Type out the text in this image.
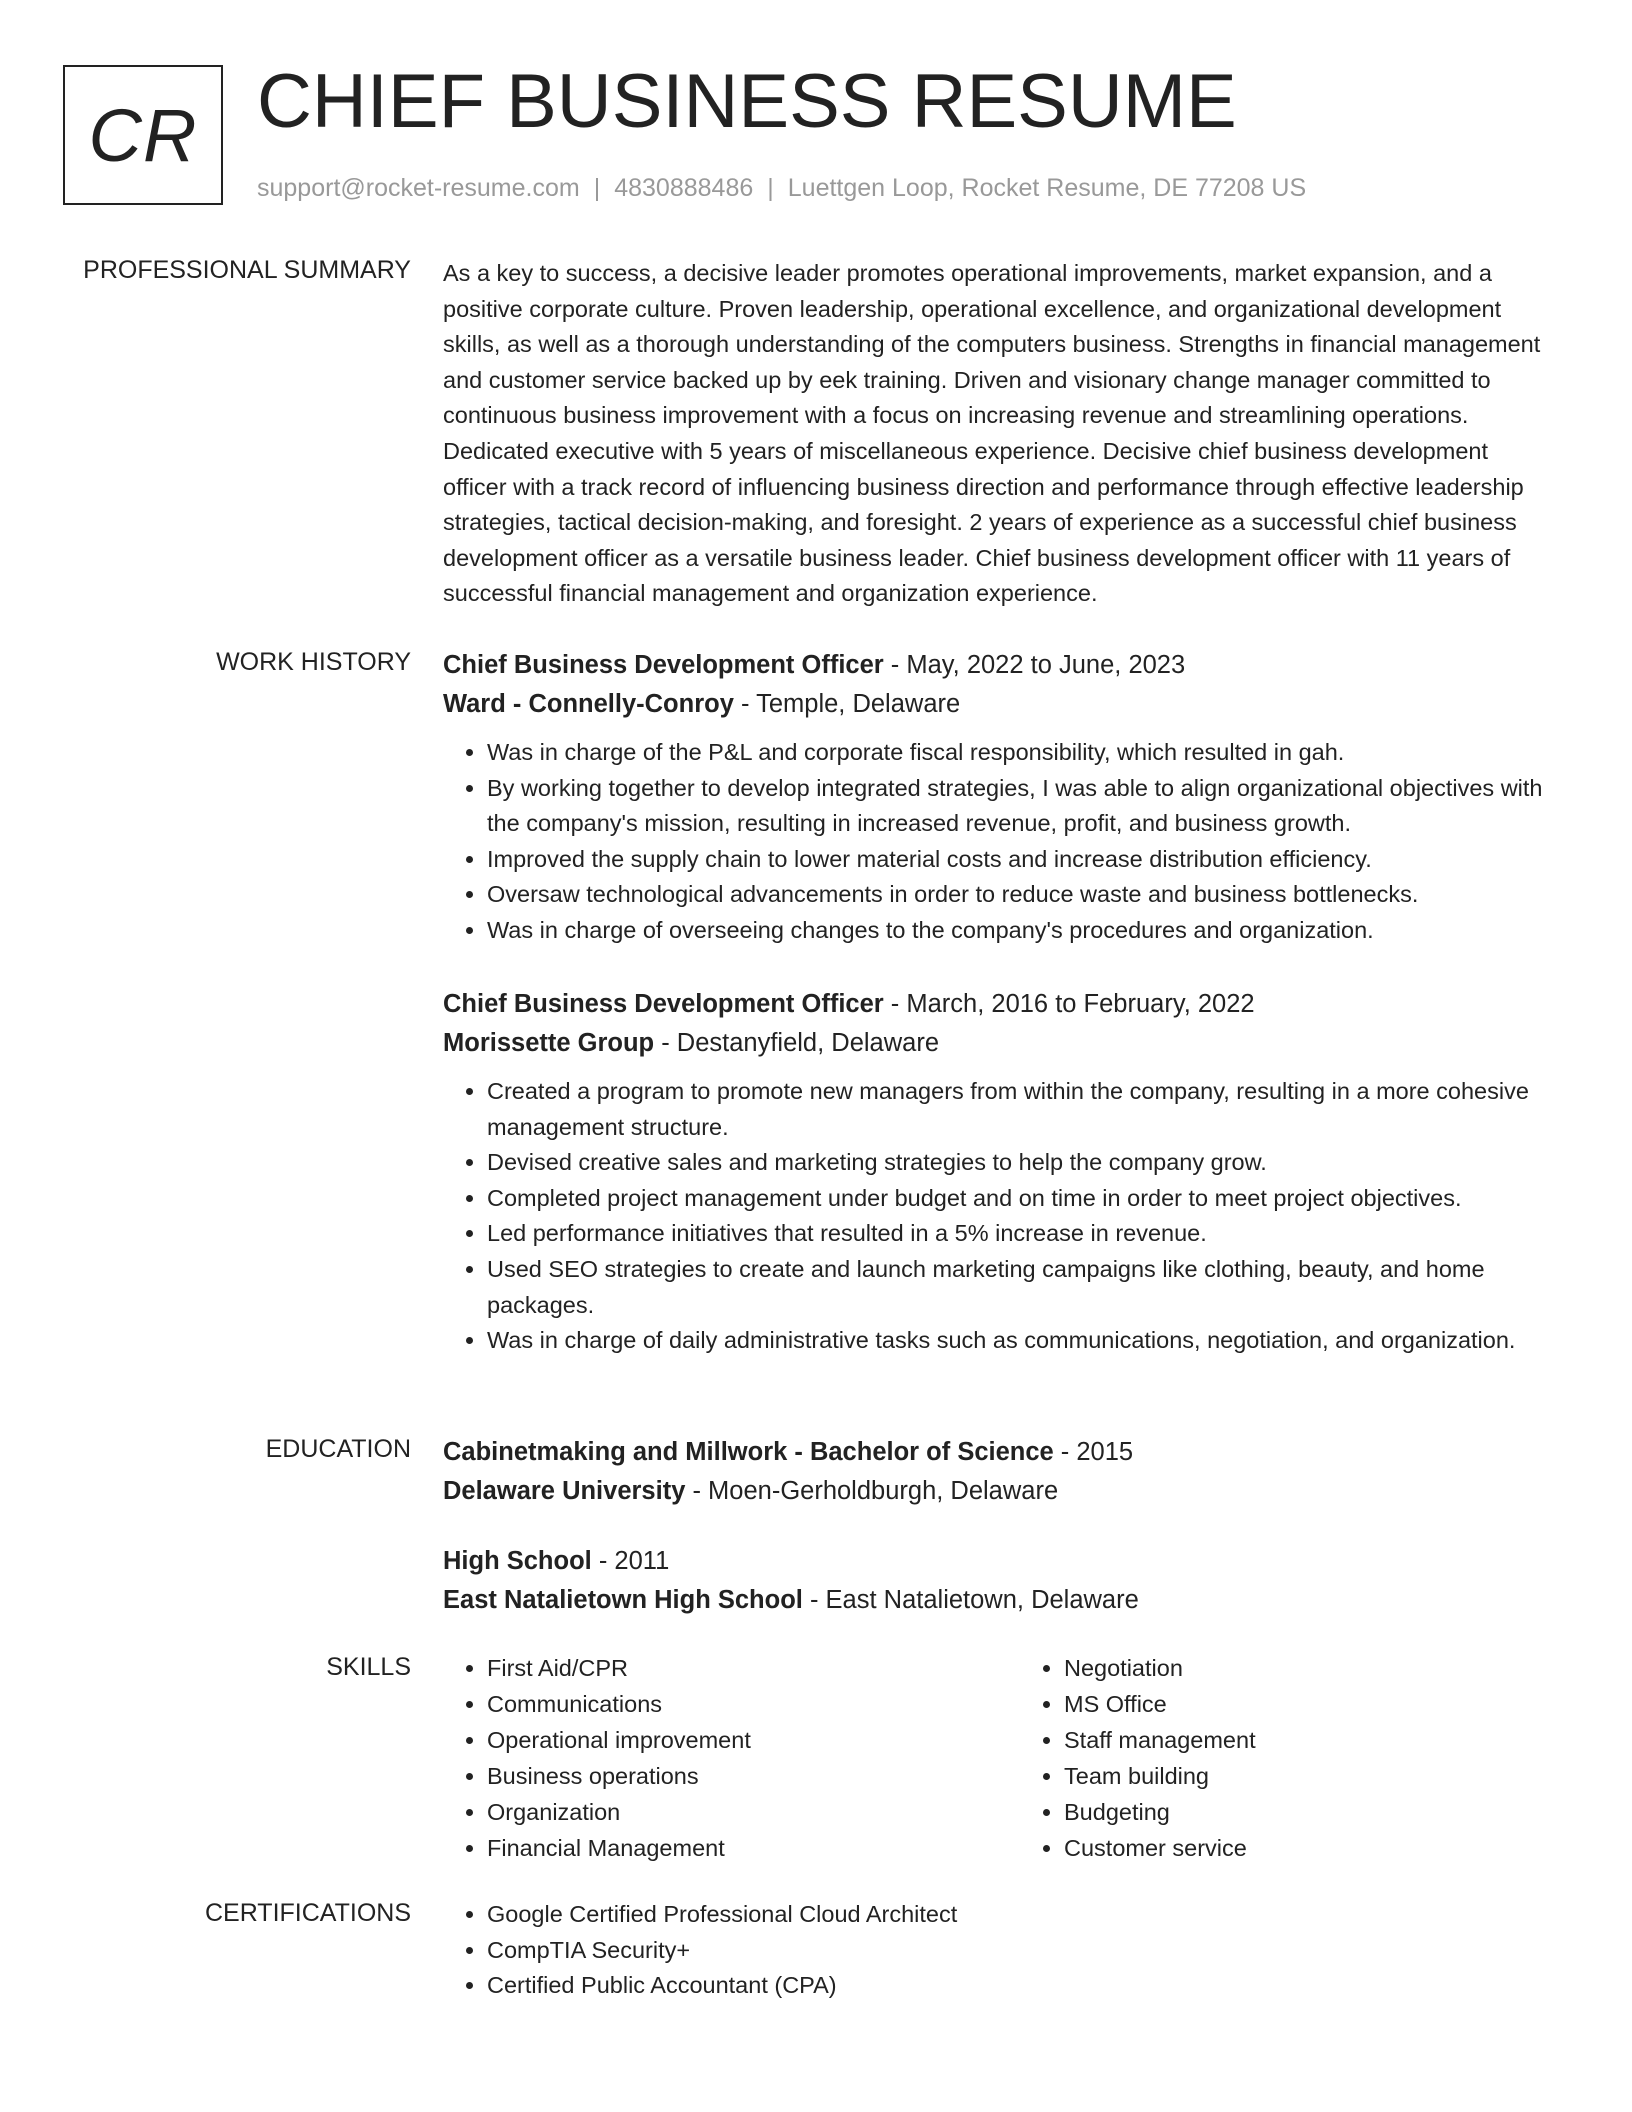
CR CHIEF BUSINESS RESUME
support@rocket-resume.com | 4830888486 | Luettgen Loop, Rocket Resume, DE 77208 US
PROFESSIONAL SUMMARY As a key to success, a decisive leader promotes operational improvements, market expansion, and a positive corporate culture. Proven leadership, operational excellence, and organizational development skills, as well as a thorough understanding of the computers business. Strengths in financial management and customer service backed up by eek training. Driven and visionary change manager committed to continuous business improvement with a focus on increasing revenue and streamlining operations. Dedicated executive with 5 years of miscellaneous experience. Decisive chief business development officer with a track record of influencing business direction and performance through effective leadership strategies, tactical decision-making, and foresight. 2 years of experience as a successful chief business development officer as a versatile business leader. Chief business development officer with 11 years of successful financial management and organization experience.
WORK HISTORY Chief Business Development Officer - May, 2022 to June, 2023
Ward - Connelly-Conroy - Temple, Delaware
• Was in charge of the P&L and corporate fiscal responsibility, which resulted in gah.
• By working together to develop integrated strategies, I was able to align organizational objectives with the company's mission, resulting in increased revenue, profit, and business growth.
• Improved the supply chain to lower material costs and increase distribution efficiency.
• Oversaw technological advancements in order to reduce waste and business bottlenecks.
• Was in charge of overseeing changes to the company's procedures and organization.
Chief Business Development Officer - March, 2016 to February, 2022
Morissette Group - Destanyfield, Delaware
• Created a program to promote new managers from within the company, resulting in a more cohesive management structure.
• Devised creative sales and marketing strategies to help the company grow.
• Completed project management under budget and on time in order to meet project objectives.
• Led performance initiatives that resulted in a 5% increase in revenue.
• Used SEO strategies to create and launch marketing campaigns like clothing, beauty, and home packages.
• Was in charge of daily administrative tasks such as communications, negotiation, and organization.
EDUCATION Cabinetmaking and Millwork - Bachelor of Science - 2015
Delaware University - Moen-Gerholdburgh, Delaware
High School - 2011
East Natalietown High School - East Natalietown, Delaware
SKILLS	• First Aid/CPR
• Communications
• Operational improvement
• Business operations
• Organization
• Financial Management
• Negotiation
• MS Office
• Staff management
• Team building
• Budgeting
• Customer service
CERTIFICATIONS	• Google Certified Professional Cloud Architect
• CompTIA Security+
• Certified Public Accountant (CPA)
